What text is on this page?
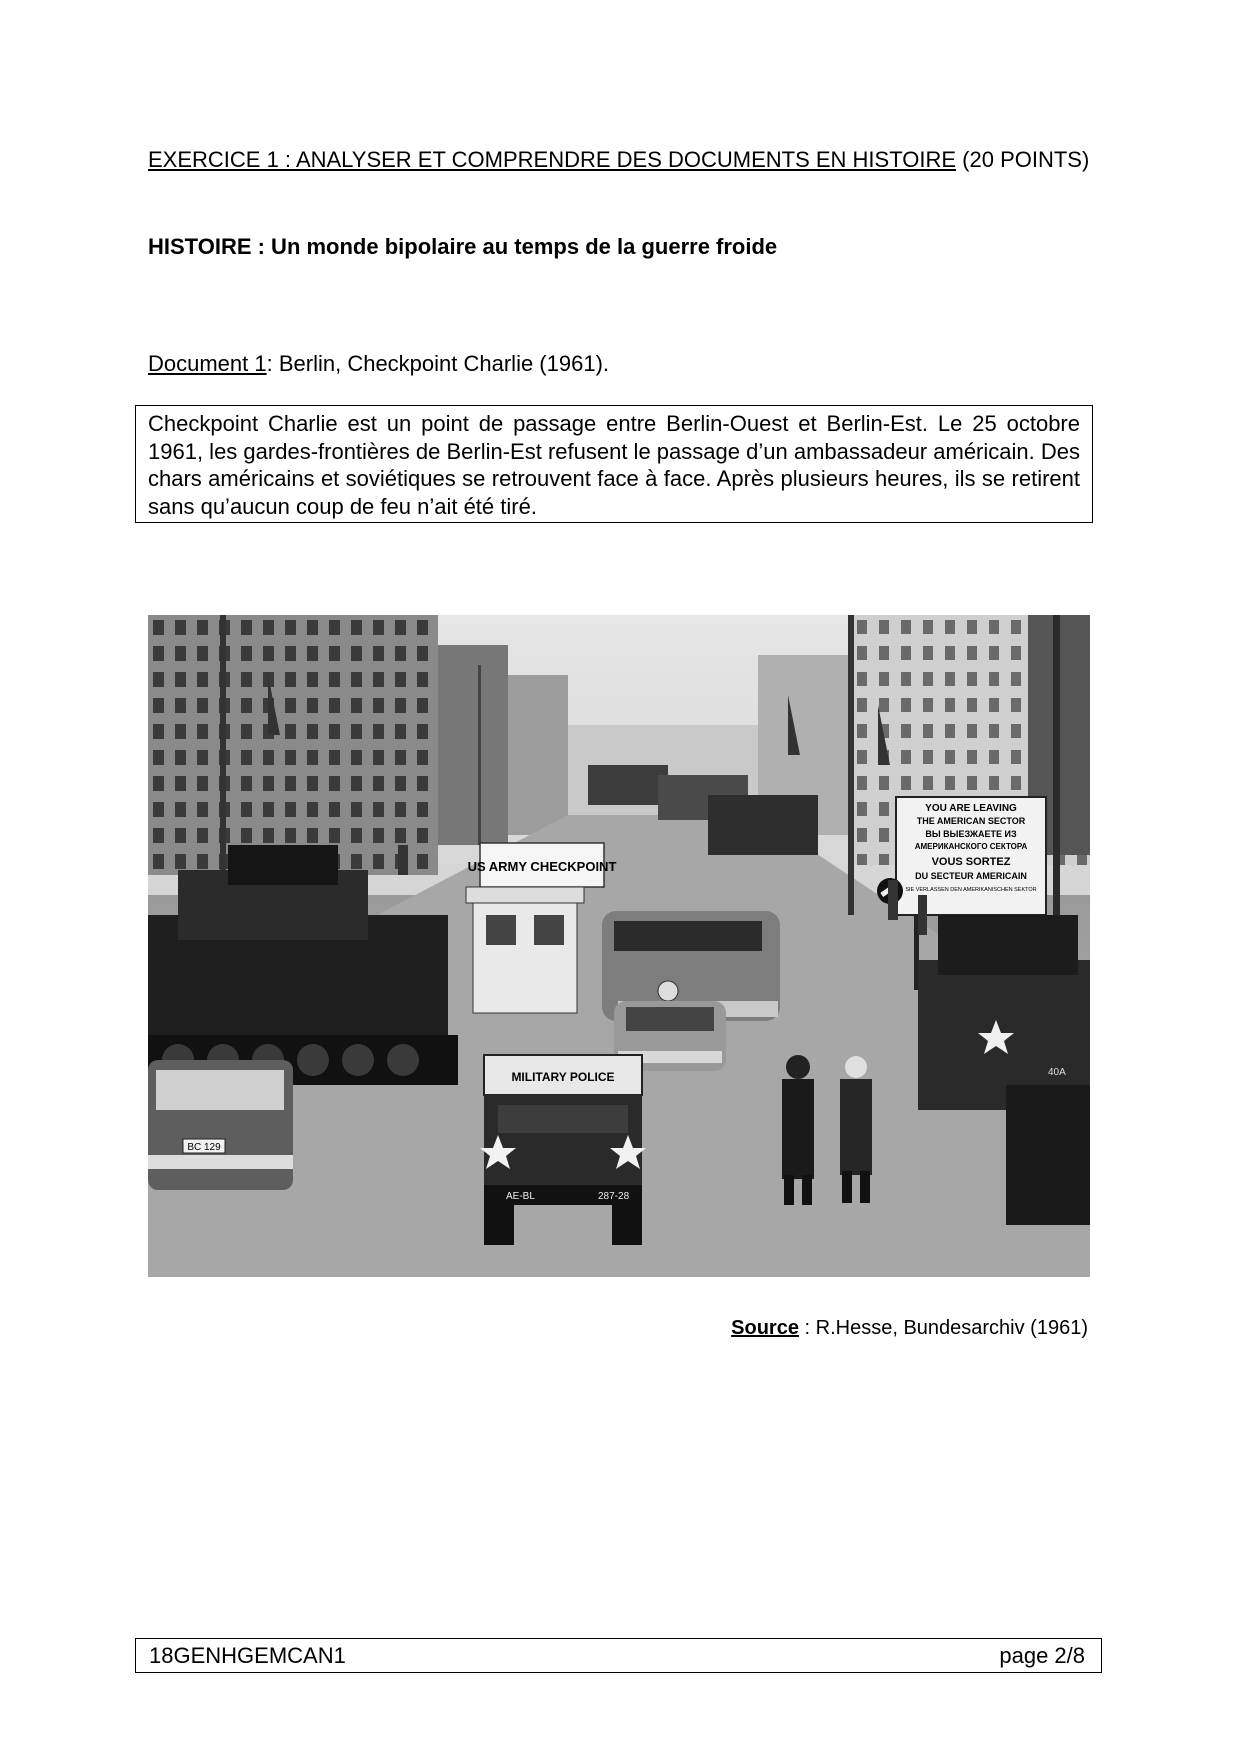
EXERCICE 1 : ANALYSER ET COMPRENDRE DES DOCUMENTS EN HISTOIRE (20 POINTS)
HISTOIRE : Un monde bipolaire au temps de la guerre froide
Document 1: Berlin, Checkpoint Charlie (1961).

Checkpoint Charlie est un point de passage entre Berlin-Ouest et Berlin-Est. Le 25 octobre 1961, les gardes-frontières de Berlin-Est refusent le passage d’un ambassadeur américain. Des chars américains et soviétiques se retrouvent face à face. Après plusieurs heures, ils se retirent sans qu’aucun coup de feu n’ait été tiré.

YOU ARE LEAVING
THE AMERICAN SECTOR
ВЫ ВЫЕЗЖАЕТЕ ИЗ
АМЕРИКАНСКОГО СЕКТОРА
VOUS SORTEZ
DU SECTEUR AMERICAIN
SIE VERLASSEN DEN AMERIKANISCHEN SEKTOR
US ARMY CHECKPOINT
40A
BC 129
MILITARY POLICE
AE-BL	287-28
Source : R.Hesse, Bundesarchiv (1961)
18GENHGEMCAN1	page 2/8
